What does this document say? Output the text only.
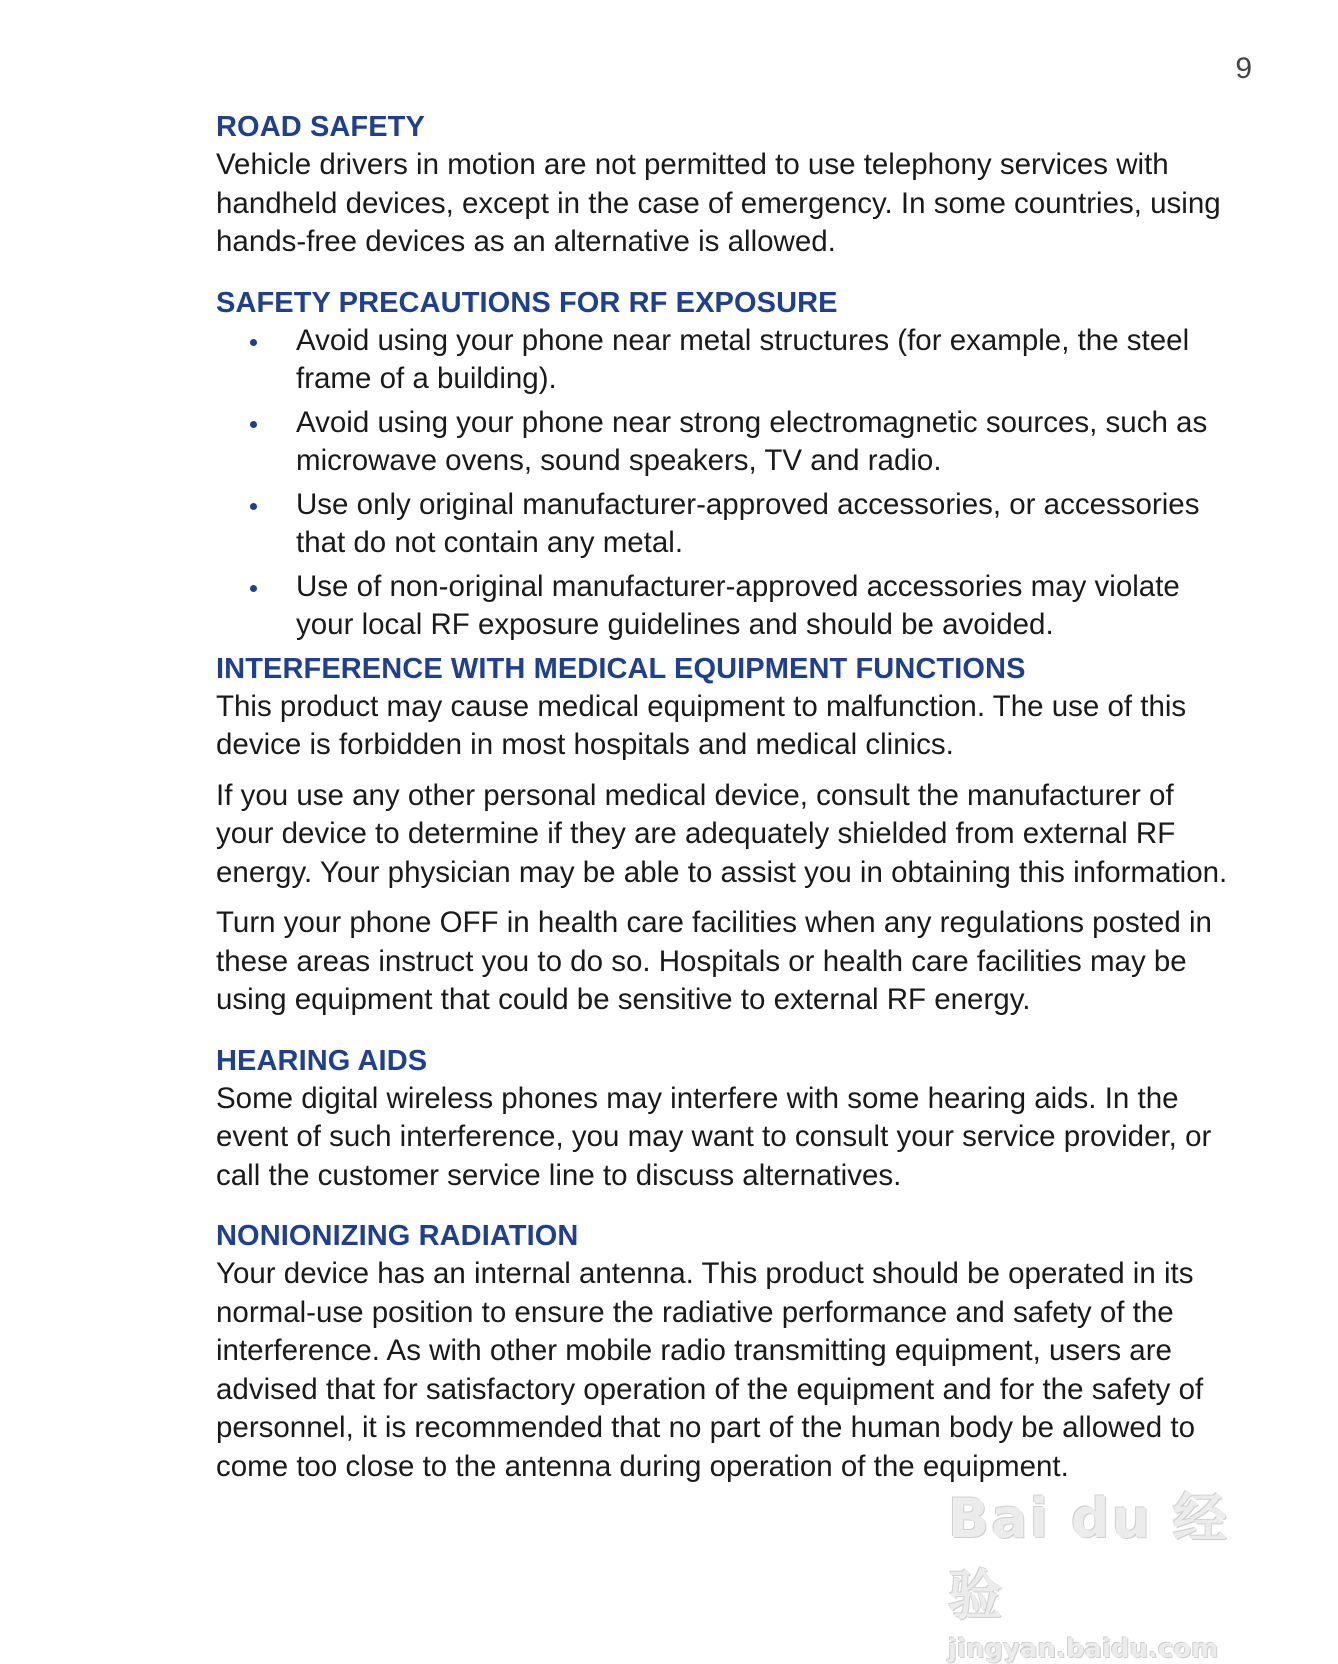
9
ROAD SAFETY

Vehicle drivers in motion are not permitted to use telephony services with handheld devices, except in the case of emergency. In some countries, using hands-free devices as an alternative is allowed.

SAFETY PRECAUTIONS FOR RF EXPOSURE
Avoid using your phone near metal structures (for example, the steel frame of a building).
Avoid using your phone near strong electromagnetic sources, such as microwave ovens, sound speakers, TV and radio.
Use only original manufacturer-approved accessories, or accessories that do not contain any metal.
Use of non-original manufacturer-approved accessories may violate your local RF exposure guidelines and should be avoided.
INTERFERENCE WITH MEDICAL EQUIPMENT FUNCTIONS

This product may cause medical equipment to malfunction. The use of this device is forbidden in most hospitals and medical clinics.

If you use any other personal medical device, consult the manufacturer of your device to determine if they are adequately shielded from external RF energy. Your physician may be able to assist you in obtaining this information.

Turn your phone OFF in health care facilities when any regulations posted in these areas instruct you to do so. Hospitals or health care facilities may be using equipment that could be sensitive to external RF energy.

HEARING AIDS

Some digital wireless phones may interfere with some hearing aids. In the event of such interference, you may want to consult your service provider, or call the customer service line to discuss alternatives.

NONIONIZING RADIATION

Your device has an internal antenna. This product should be operated in its normal-use position to ensure the radiative performance and safety of the interference. As with other mobile radio transmitting equipment, users are advised that for satisfactory operation of the equipment and for the safety of personnel, it is recommended that no part of the human body be allowed to come too close to the antenna during operation of the equipment.

Bai du 经验
jingyan.baidu.com
